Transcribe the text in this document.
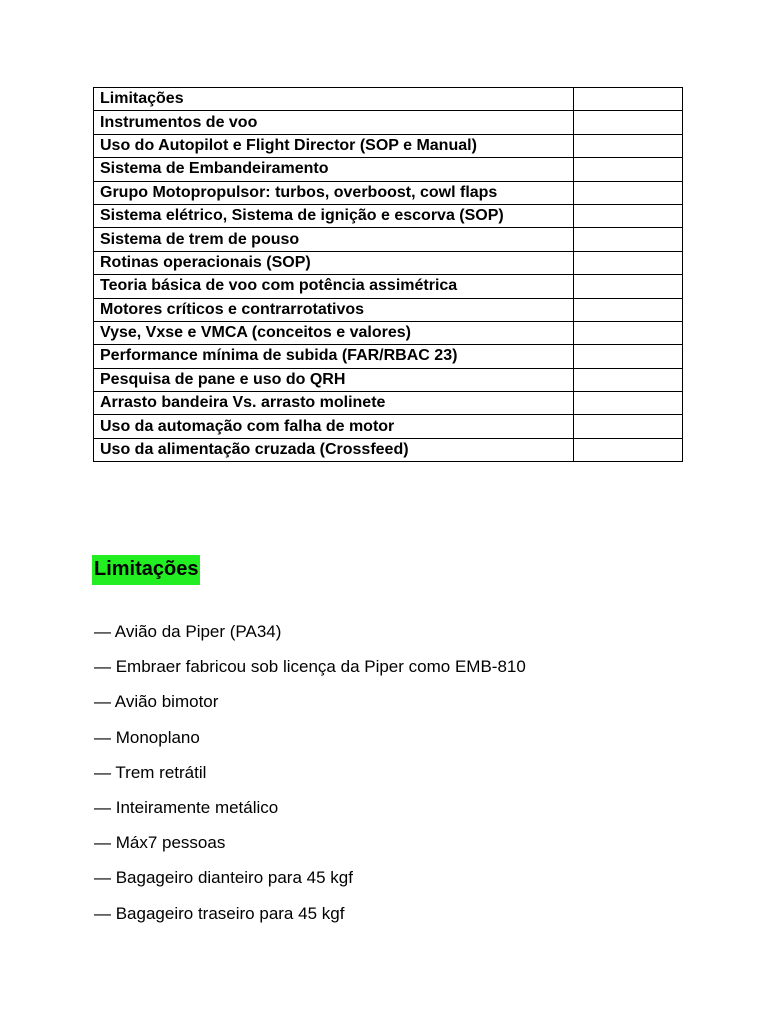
Limitações	
Instrumentos de voo	
Uso do Autopilot e Flight Director (SOP e Manual)	
Sistema de Embandeiramento	
Grupo Motopropulsor: turbos, overboost, cowl flaps	
Sistema elétrico, Sistema de ignição e escorva (SOP)	
Sistema de trem de pouso	
Rotinas operacionais (SOP)	
Teoria básica de voo com potência assimétrica	
Motores críticos e contrarrotativos	
Vyse, Vxse e VMCA (conceitos e valores)	
Performance mínima de subida (FAR/RBAC 23)	
Pesquisa de pane e uso do QRH	
Arrasto bandeira Vs. arrasto molinete	
Uso da automação com falha de motor	
Uso da alimentação cruzada (Crossfeed)	
Limitações
— Avião da Piper (PA34)
— Embraer fabricou sob licença da Piper como EMB-810
— Avião bimotor
— Monoplano
— Trem retrátil
— Inteiramente metálico
— Máx7 pessoas
— Bagageiro dianteiro para 45 kgf
— Bagageiro traseiro para 45 kgf
